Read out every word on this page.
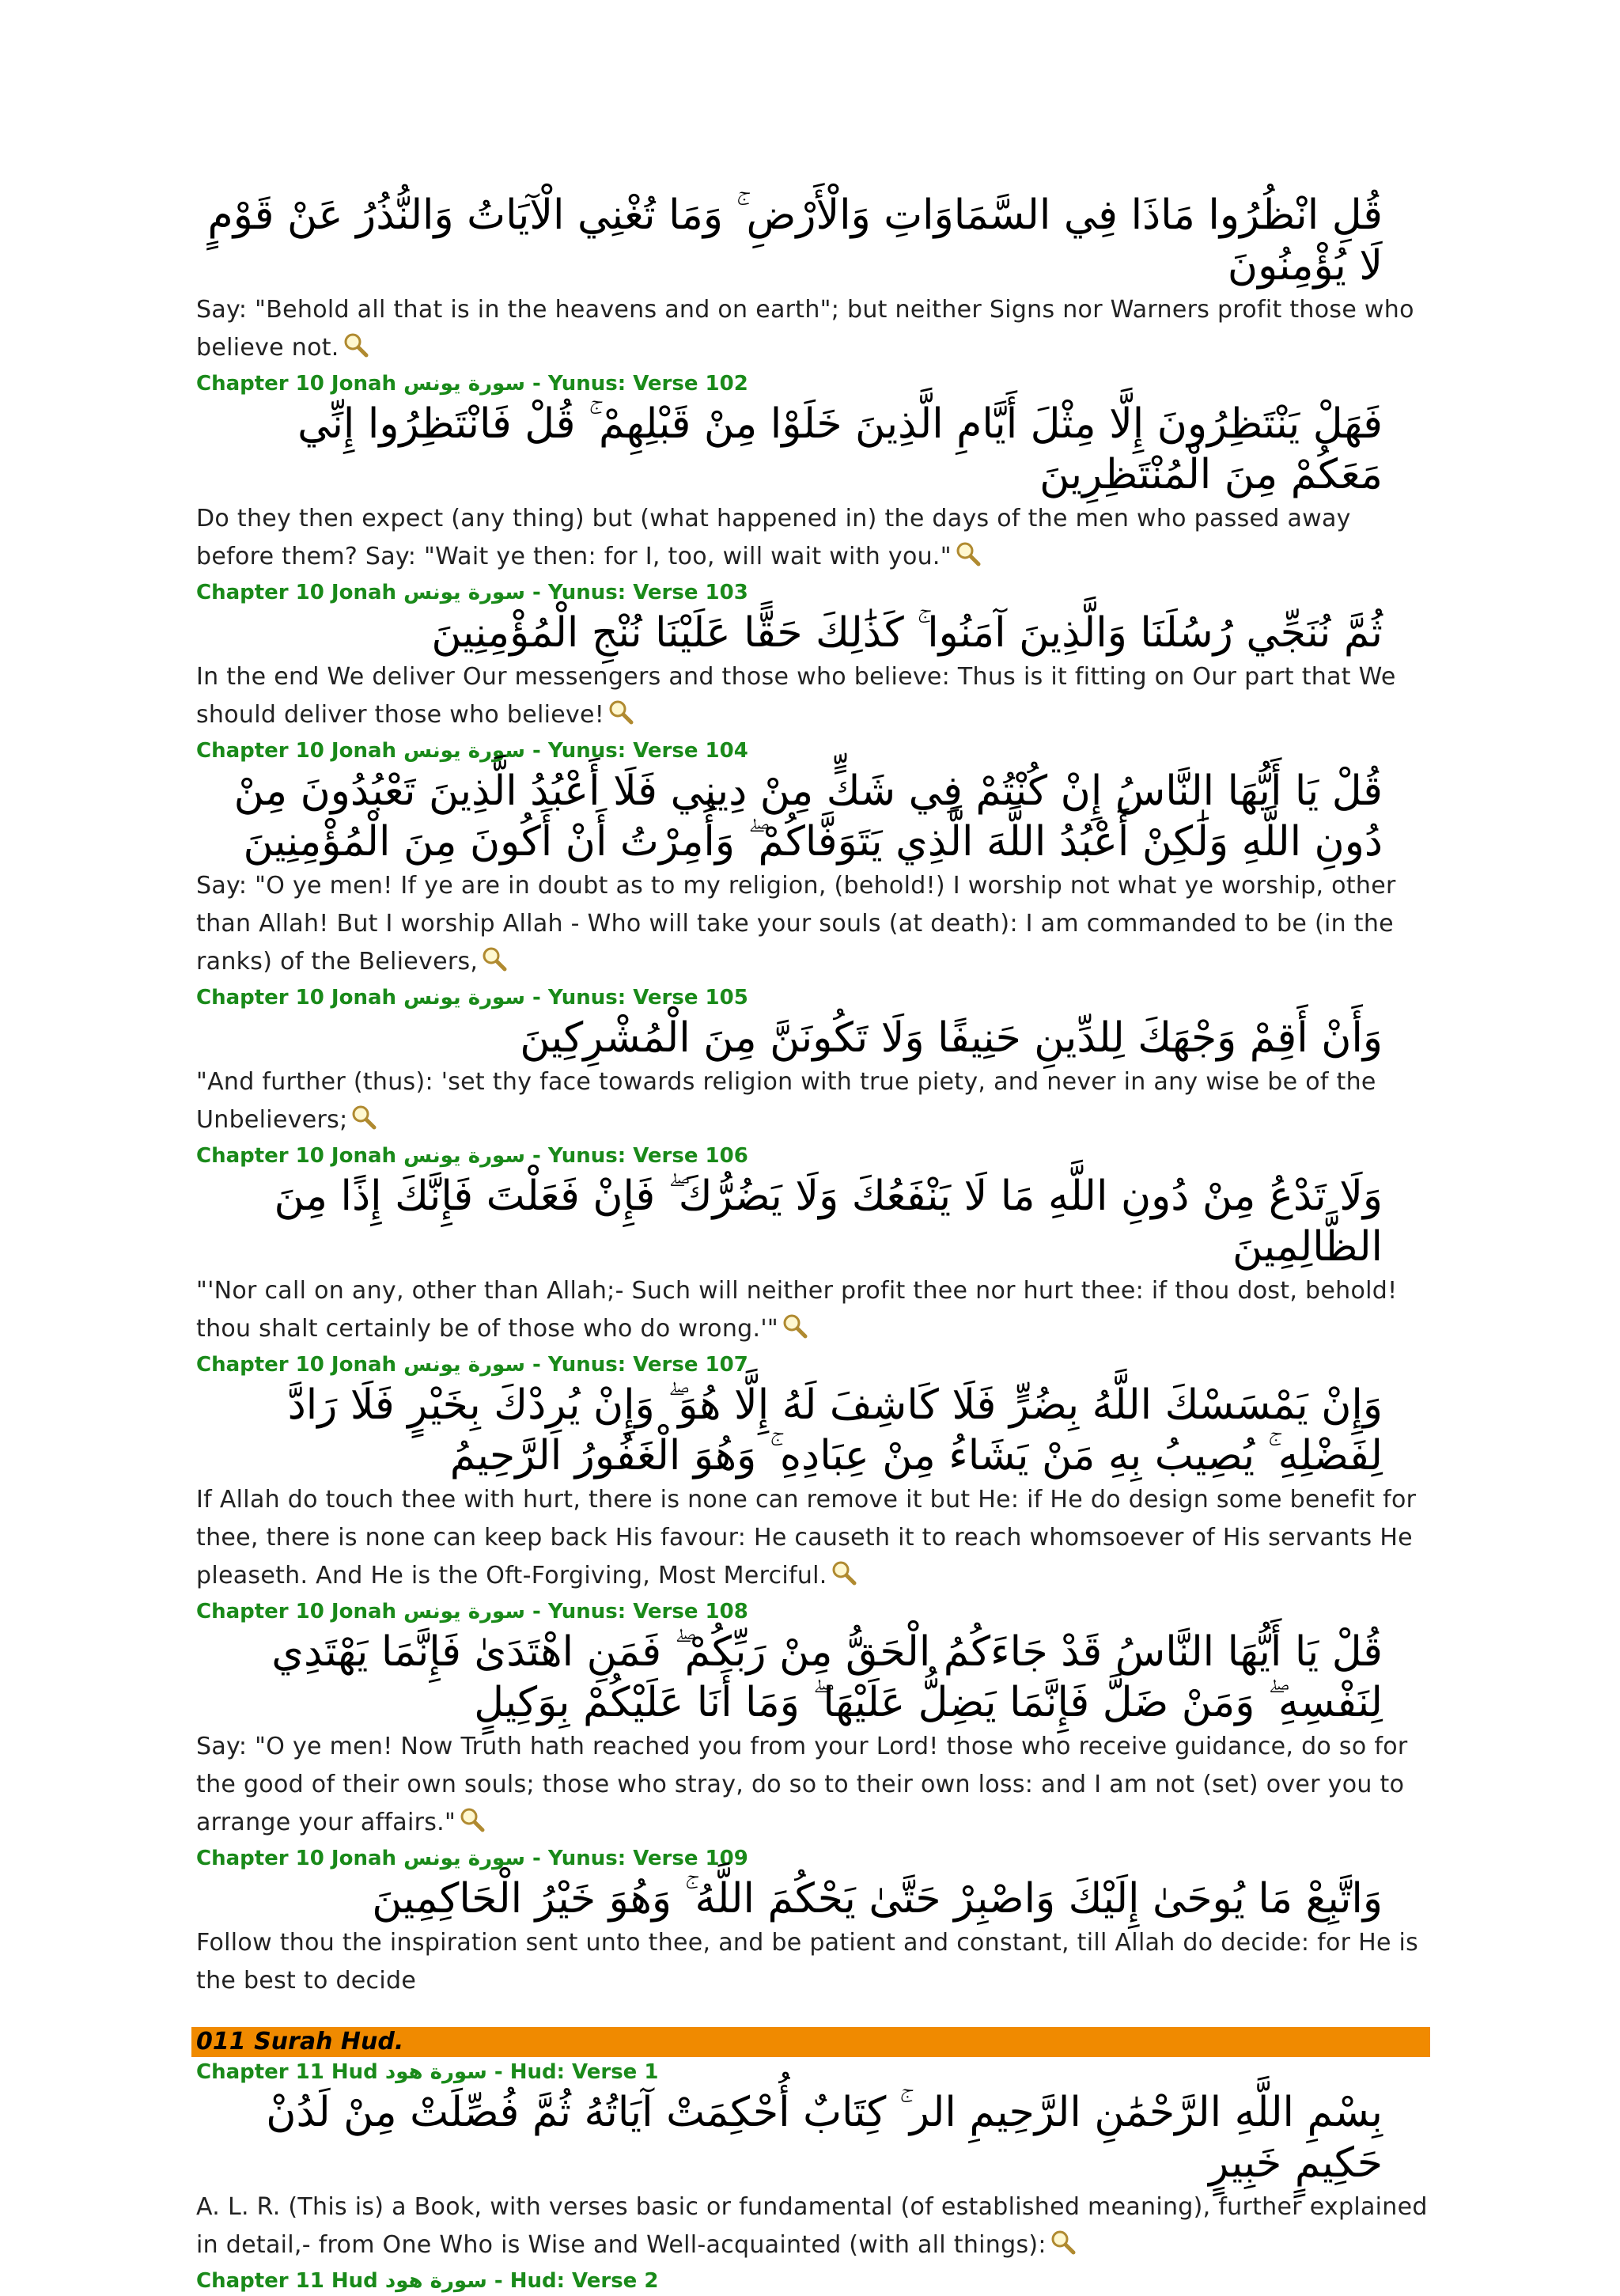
قُلِ انْظُرُوا مَاذَا فِي السَّمَاوَاتِ وَالْأَرْضِ ۚ وَمَا تُغْنِي الْآيَاتُ وَالنُّذُرُ عَنْ قَوْمٍ لَا يُؤْمِنُونَ

Say: "Behold all that is in the heavens and on earth"; but neither Signs nor Warners profit those who believe not.

Chapter 10 Jonah سورة يونس - Yunus: Verse 102

فَهَلْ يَنْتَظِرُونَ إِلَّا مِثْلَ أَيَّامِ الَّذِينَ خَلَوْا مِنْ قَبْلِهِمْ ۚ قُلْ فَانْتَظِرُوا إِنِّي مَعَكُمْ مِنَ الْمُنْتَظِرِينَ

Do they then expect (any thing) but (what happened in) the days of the men who passed away before them? Say: "Wait ye then: for I, too, will wait with you."

Chapter 10 Jonah سورة يونس - Yunus: Verse 103

ثُمَّ نُنَجِّي رُسُلَنَا وَالَّذِينَ آمَنُوا ۚ كَذَٰلِكَ حَقًّا عَلَيْنَا نُنْجِ الْمُؤْمِنِينَ

In the end We deliver Our messengers and those who believe: Thus is it fitting on Our part that We should deliver those who believe!

Chapter 10 Jonah سورة يونس - Yunus: Verse 104

قُلْ يَا أَيُّهَا النَّاسُ إِنْ كُنْتُمْ فِي شَكٍّ مِنْ دِينِي فَلَا أَعْبُدُ الَّذِينَ تَعْبُدُونَ مِنْ دُونِ اللَّهِ وَلَٰكِنْ أَعْبُدُ اللَّهَ الَّذِي يَتَوَفَّاكُمْ ۖ وَأُمِرْتُ أَنْ أَكُونَ مِنَ الْمُؤْمِنِينَ

Say: "O ye men! If ye are in doubt as to my religion, (behold!) I worship not what ye worship, other than Allah! But I worship Allah - Who will take your souls (at death): I am commanded to be (in the ranks) of the Believers,

Chapter 10 Jonah سورة يونس - Yunus: Verse 105

وَأَنْ أَقِمْ وَجْهَكَ لِلدِّينِ حَنِيفًا وَلَا تَكُونَنَّ مِنَ الْمُشْرِكِينَ

"And further (thus): 'set thy face towards religion with true piety, and never in any wise be of the Unbelievers;

Chapter 10 Jonah سورة يونس - Yunus: Verse 106

وَلَا تَدْعُ مِنْ دُونِ اللَّهِ مَا لَا يَنْفَعُكَ وَلَا يَضُرُّكَ ۖ فَإِنْ فَعَلْتَ فَإِنَّكَ إِذًا مِنَ الظَّالِمِينَ

"'Nor call on any, other than Allah;- Such will neither profit thee nor hurt thee: if thou dost, behold! thou shalt certainly be of those who do wrong.'"

Chapter 10 Jonah سورة يونس - Yunus: Verse 107

وَإِنْ يَمْسَسْكَ اللَّهُ بِضُرٍّ فَلَا كَاشِفَ لَهُ إِلَّا هُوَ ۖ وَإِنْ يُرِدْكَ بِخَيْرٍ فَلَا رَادَّ لِفَضْلِهِ ۚ يُصِيبُ بِهِ مَنْ يَشَاءُ مِنْ عِبَادِهِ ۚ وَهُوَ الْغَفُورُ الرَّحِيمُ

If Allah do touch thee with hurt, there is none can remove it but He: if He do design some benefit for thee, there is none can keep back His favour: He causeth it to reach whomsoever of His servants He pleaseth. And He is the Oft-Forgiving, Most Merciful.

Chapter 10 Jonah سورة يونس - Yunus: Verse 108

قُلْ يَا أَيُّهَا النَّاسُ قَدْ جَاءَكُمُ الْحَقُّ مِنْ رَبِّكُمْ ۖ فَمَنِ اهْتَدَىٰ فَإِنَّمَا يَهْتَدِي لِنَفْسِهِ ۖ وَمَنْ ضَلَّ فَإِنَّمَا يَضِلُّ عَلَيْهَا ۖ وَمَا أَنَا عَلَيْكُمْ بِوَكِيلٍ

Say: "O ye men! Now Truth hath reached you from your Lord! those who receive guidance, do so for the good of their own souls; those who stray, do so to their own loss: and I am not (set) over you to arrange your affairs."

Chapter 10 Jonah سورة يونس - Yunus: Verse 109

وَاتَّبِعْ مَا يُوحَىٰ إِلَيْكَ وَاصْبِرْ حَتَّىٰ يَحْكُمَ اللَّهُ ۚ وَهُوَ خَيْرُ الْحَاكِمِينَ

Follow thou the inspiration sent unto thee, and be patient and constant, till Allah do decide: for He is the best to decide

011 Surah Hud.

Chapter 11 Hud سورة هود - Hud: Verse 1

بِسْمِ اللَّهِ الرَّحْمَٰنِ الرَّحِيمِ الر ۚ كِتَابٌ أُحْكِمَتْ آيَاتُهُ ثُمَّ فُصِّلَتْ مِنْ لَدُنْ حَكِيمٍ خَبِيرٍ

A. L. R. (This is) a Book, with verses basic or fundamental (of established meaning), further explained in detail,- from One Who is Wise and Well-acquainted (with all things):

Chapter 11 Hud سورة هود - Hud: Verse 2
